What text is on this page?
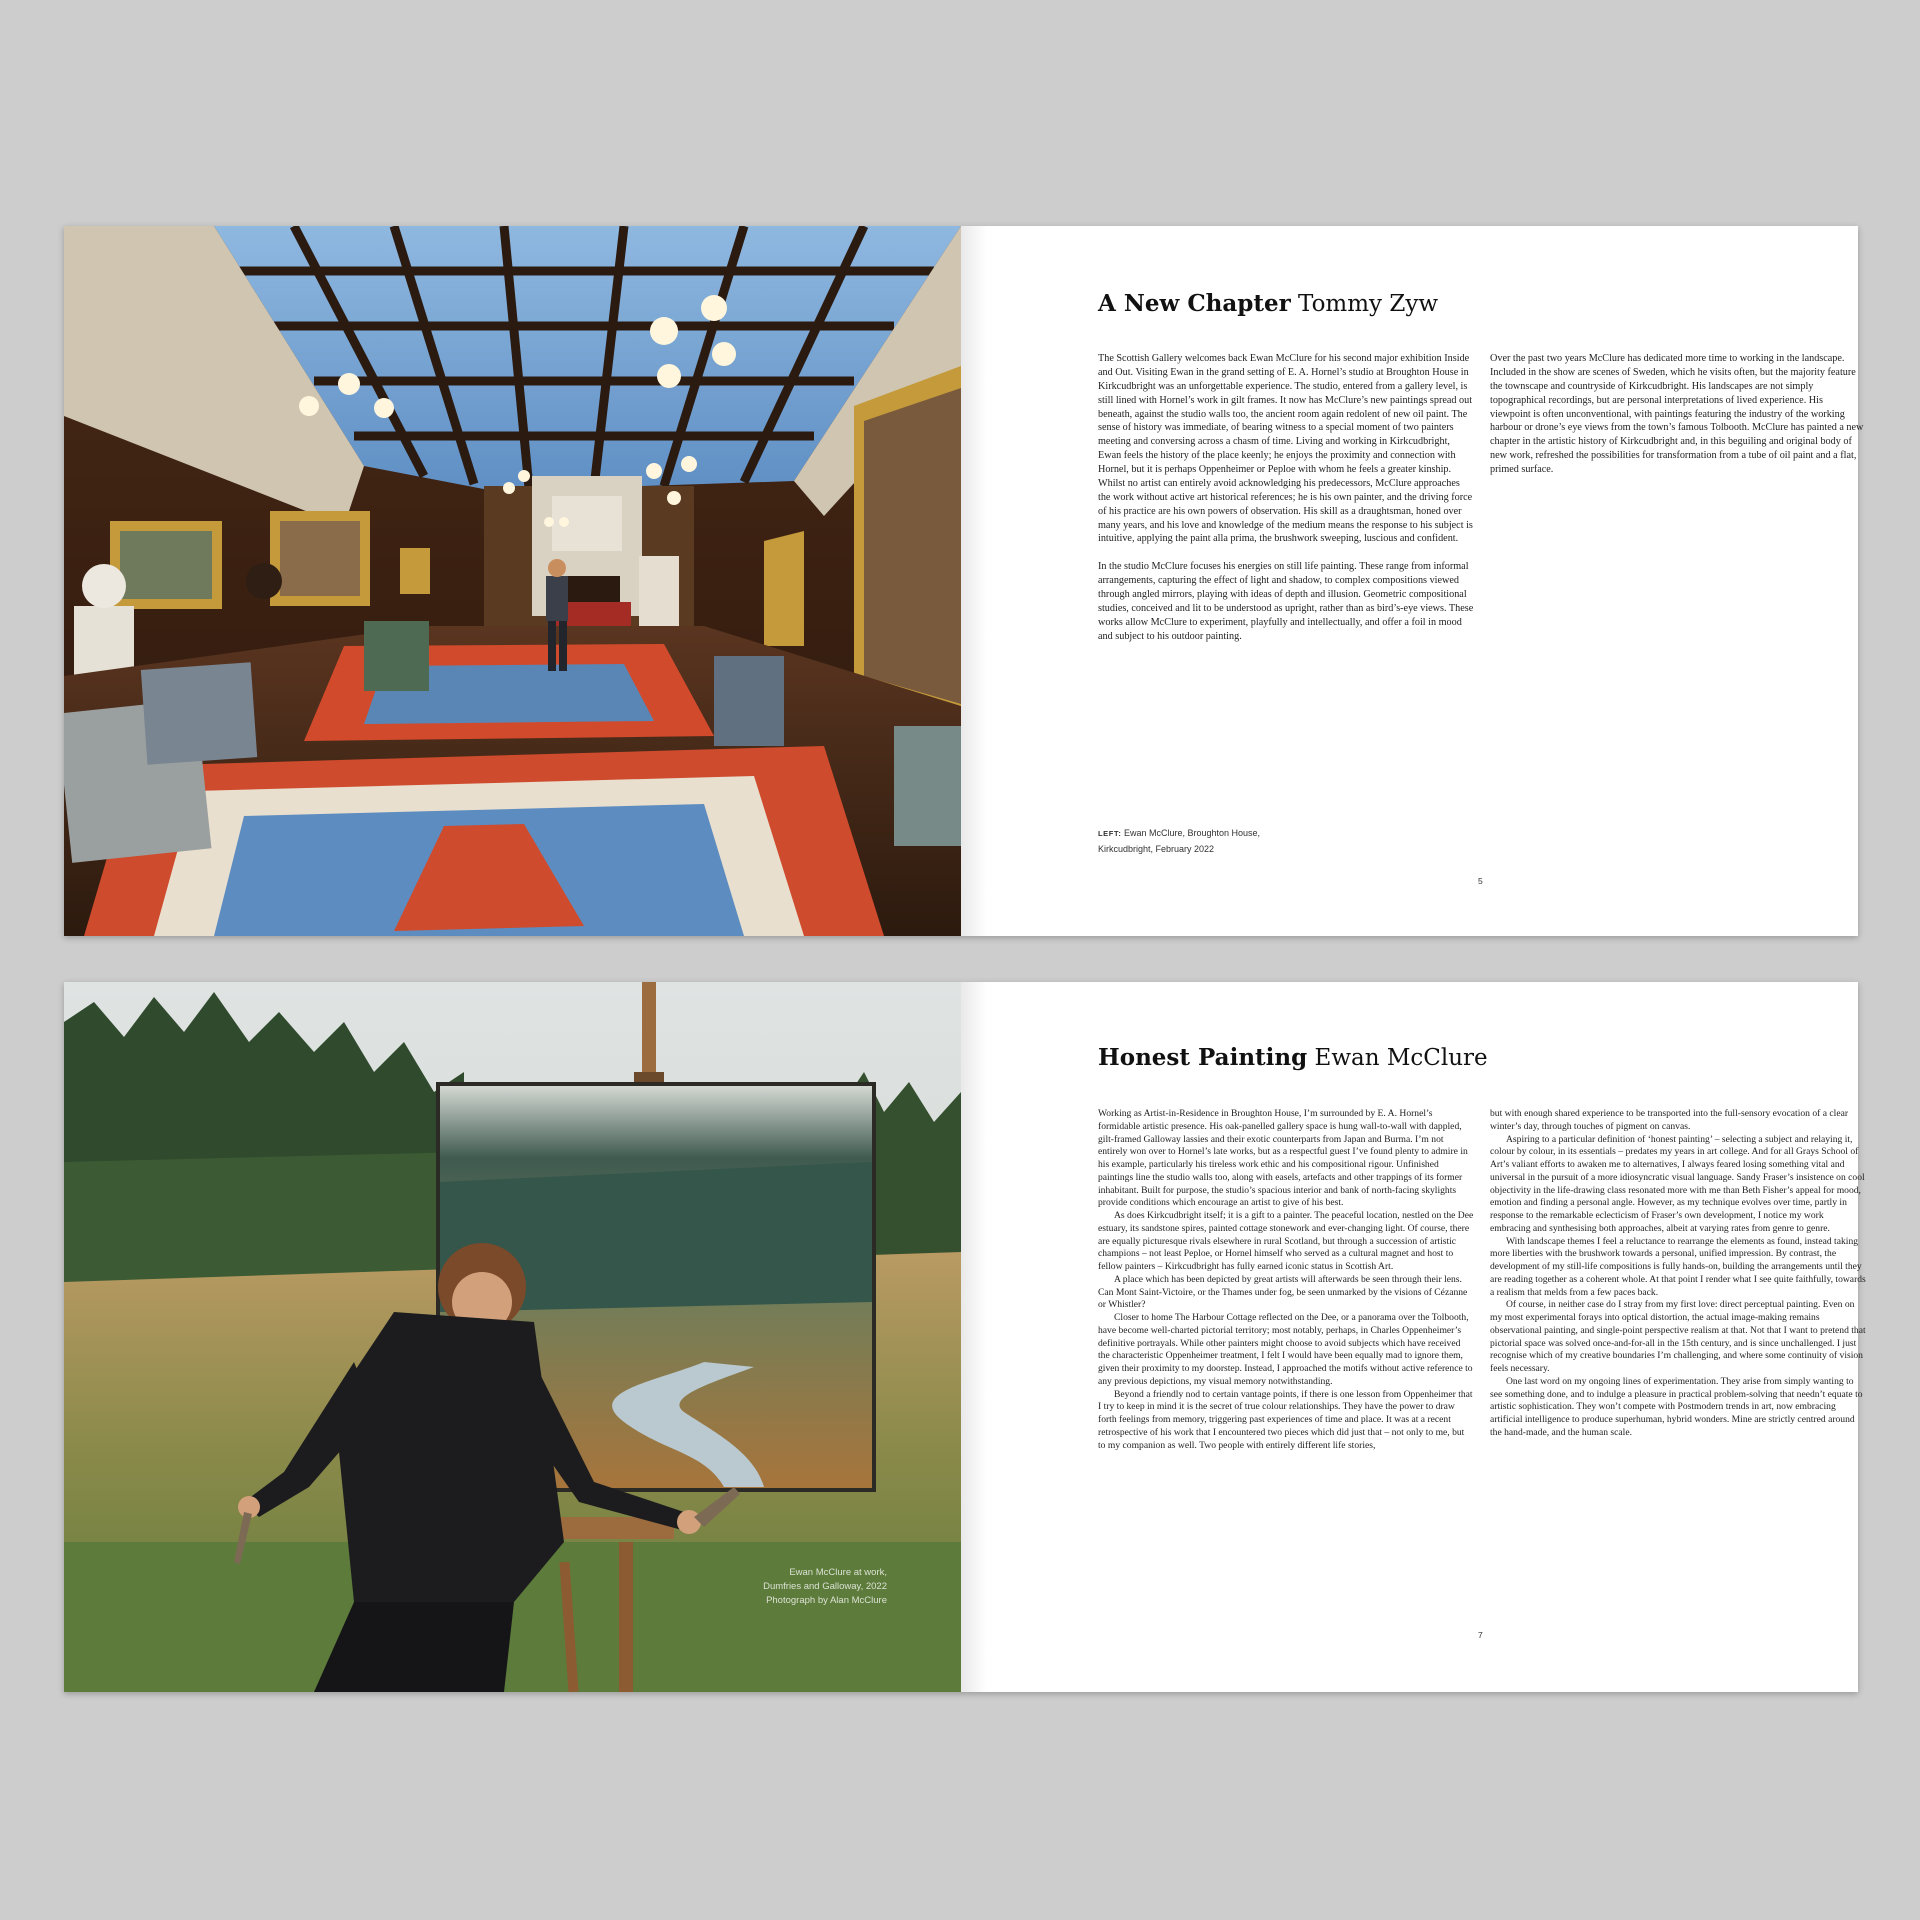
A New Chapter Tommy Zyw

The Scottish Gallery welcomes back Ewan McClure for his second major exhibition Inside and Out. Visiting Ewan in the grand setting of E. A. Hornel’s studio at Broughton House in Kirkcudbright was an unforgettable experience. The studio, entered from a gallery level, is still lined with Hornel’s work in gilt frames. It now has McClure’s new paintings spread out beneath, against the studio walls too, the ancient room again redolent of new oil paint. The sense of history was immediate, of bearing witness to a special moment of two painters meeting and conversing across a chasm of time. Living and working in Kirkcudbright, Ewan feels the history of the place keenly; he enjoys the proximity and connection with Hornel, but it is perhaps Oppenheimer or Peploe with whom he feels a greater kinship. Whilst no artist can entirely avoid acknowledging his predecessors, McClure approaches the work without active art historical references; he is his own painter, and the driving force of his practice are his own powers of observation. His skill as a draughtsman, honed over many years, and his love and knowledge of the medium means the response to his subject is intuitive, applying the paint alla prima, the brushwork sweeping, luscious and confident.

In the studio McClure focuses his energies on still life painting. These range from informal arrangements, capturing the effect of light and shadow, to complex compositions viewed through angled mirrors, playing with ideas of depth and illusion. Geometric compositional studies, conceived and lit to be understood as upright, rather than as bird’s-eye views. These works allow McClure to experiment, playfully and intellectually, and offer a foil in mood and subject to his outdoor painting.

Over the past two years McClure has dedicated more time to working in the landscape. Included in the show are scenes of Sweden, which he visits often, but the majority feature the townscape and countryside of Kirkcudbright. His landscapes are not simply topographical recordings, but are personal interpretations of lived experience. His viewpoint is often unconventional, with paintings featuring the industry of the working harbour or drone’s eye views from the town’s famous Tolbooth. McClure has painted a new chapter in the artistic history of Kirkcudbright and, in this beguiling and original body of new work, refreshed the possibilities for transformation from a tube of oil paint and a flat, primed surface.

LEFT: Ewan McClure, Broughton House,
Kirkcudbright, February 2022
5
Ewan McClure at work,
Dumfries and Galloway, 2022
Photograph by Alan McClure
Honest Painting Ewan McClure

Working as Artist-in-Residence in Broughton House, I’m surrounded by E. A. Hornel’s formidable artistic presence. His oak-panelled gallery space is hung wall-to-wall with dappled, gilt-framed Galloway lassies and their exotic counterparts from Japan and Burma. I’m not entirely won over to Hornel’s late works, but as a respectful guest I’ve found plenty to admire in his example, particularly his tireless work ethic and his compositional rigour. Unfinished paintings line the studio walls too, along with easels, artefacts and other trappings of its former inhabitant. Built for purpose, the studio’s spacious interior and bank of north-facing skylights provide conditions which encourage an artist to give of his best.

As does Kirkcudbright itself; it is a gift to a painter. The peaceful location, nestled on the Dee estuary, its sandstone spires, painted cottage stonework and ever-changing light. Of course, there are equally picturesque rivals elsewhere in rural Scotland, but through a succession of artistic champions – not least Peploe, or Hornel himself who served as a cultural magnet and host to fellow painters – Kirkcudbright has fully earned iconic status in Scottish Art.

A place which has been depicted by great artists will afterwards be seen through their lens. Can Mont Saint-Victoire, or the Thames under fog, be seen unmarked by the visions of Cézanne or Whistler?

Closer to home The Harbour Cottage reflected on the Dee, or a panorama over the Tolbooth, have become well-charted pictorial territory; most notably, perhaps, in Charles Oppenheimer’s definitive portrayals. While other painters might choose to avoid subjects which have received the characteristic Oppenheimer treatment, I felt I would have been equally mad to ignore them, given their proximity to my doorstep. Instead, I approached the motifs without active reference to any previous depictions, my visual memory notwithstanding.

Beyond a friendly nod to certain vantage points, if there is one lesson from Oppenheimer that I try to keep in mind it is the secret of true colour relationships. They have the power to draw forth feelings from memory, triggering past experiences of time and place. It was at a recent retrospective of his work that I encountered two pieces which did just that – not only to me, but to my companion as well. Two people with entirely different life stories,

but with enough shared experience to be transported into the full-sensory evocation of a clear winter’s day, through touches of pigment on canvas.

Aspiring to a particular definition of ‘honest painting’ – selecting a subject and relaying it, colour by colour, in its essentials – predates my years in art college. And for all Grays School of Art’s valiant efforts to awaken me to alternatives, I always feared losing something vital and universal in the pursuit of a more idiosyncratic visual language. Sandy Fraser’s insistence on cool objectivity in the life-drawing class resonated more with me than Beth Fisher’s appeal for mood, emotion and finding a personal angle. However, as my technique evolves over time, partly in response to the remarkable eclecticism of Fraser’s own development, I notice my work embracing and synthesising both approaches, albeit at varying rates from genre to genre.

With landscape themes I feel a reluctance to rearrange the elements as found, instead taking more liberties with the brushwork towards a personal, unified impression. By contrast, the development of my still-life compositions is fully hands-on, building the arrangements until they are reading together as a coherent whole. At that point I render what I see quite faithfully, towards a realism that melds from a few paces back.

Of course, in neither case do I stray from my first love: direct perceptual painting. Even on my most experimental forays into optical distortion, the actual image-making remains observational painting, and single-point perspective realism at that. Not that I want to pretend that pictorial space was solved once-and-for-all in the 15th century, and is since unchallenged. I just recognise which of my creative boundaries I’m challenging, and where some continuity of vision feels necessary.

One last word on my ongoing lines of experimentation. They arise from simply wanting to see something done, and to indulge a pleasure in practical problem-solving that needn’t equate to artistic sophistication. They won’t compete with Postmodern trends in art, now embracing artificial intelligence to produce superhuman, hybrid wonders. Mine are strictly centred around the hand-made, and the human scale.

7
